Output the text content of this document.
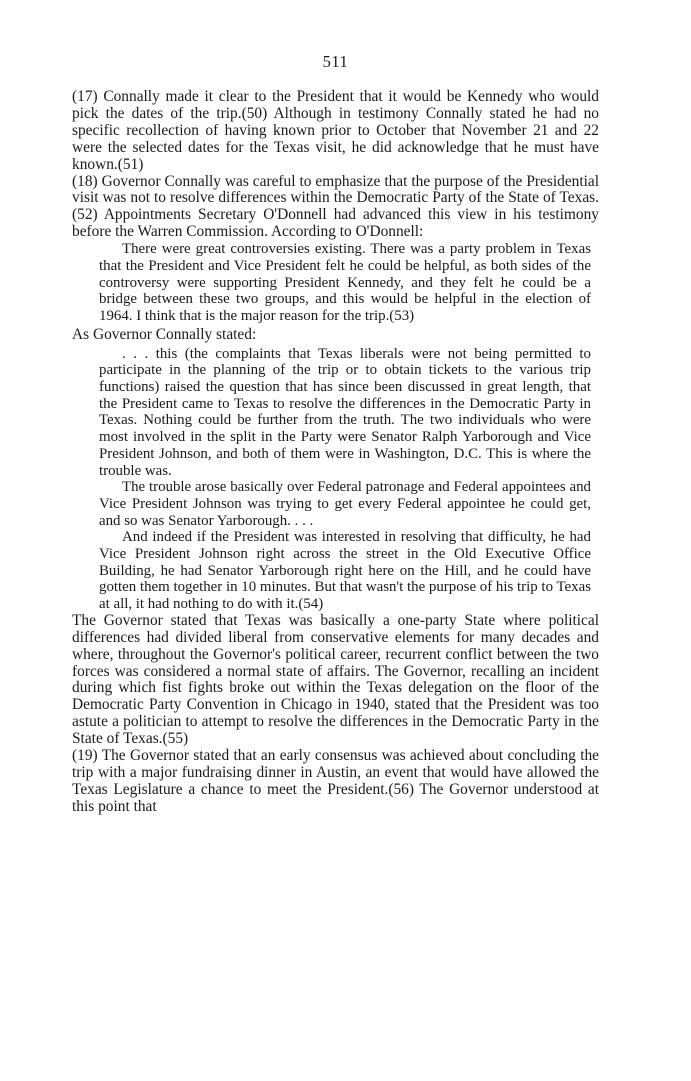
511

(17) Connally made it clear to the President that it would be Kennedy who would pick the dates of the trip.(50) Although in testimony Connally stated he had no specific recollection of having known prior to October that November 21 and 22 were the selected dates for the Texas visit, he did acknowledge that he must have known.(51)

(18) Governor Connally was careful to emphasize that the purpose of the Presidential visit was not to resolve differences within the Democratic Party of the State of Texas.(52) Appointments Secretary O'Donnell had advanced this view in his testimony before the Warren Commission. According to O'Donnell:

There were great controversies existing. There was a party problem in Texas that the President and Vice President felt he could be helpful, as both sides of the controversy were supporting President Kennedy, and they felt he could be a bridge between these two groups, and this would be helpful in the election of 1964. I think that is the major reason for the trip.(53)

As Governor Connally stated:

. . . this (the complaints that Texas liberals were not being permitted to participate in the planning of the trip or to obtain tickets to the various trip functions) raised the question that has since been discussed in great length, that the President came to Texas to resolve the differences in the Democratic Party in Texas. Nothing could be further from the truth. The two individuals who were most involved in the split in the Party were Senator Ralph Yarborough and Vice President Johnson, and both of them were in Washington, D.C. This is where the trouble was.

The trouble arose basically over Federal patronage and Federal appointees and Vice President Johnson was trying to get every Federal appointee he could get, and so was Senator Yarborough. . . .

And indeed if the President was interested in resolving that difficulty, he had Vice President Johnson right across the street in the Old Executive Office Building, he had Senator Yarborough right here on the Hill, and he could have gotten them together in 10 minutes. But that wasn't the purpose of his trip to Texas at all, it had nothing to do with it.(54)

The Governor stated that Texas was basically a one-party State where political differences had divided liberal from conservative elements for many decades and where, throughout the Governor's political career, recurrent conflict between the two forces was considered a normal state of affairs. The Governor, recalling an incident during which fist fights broke out within the Texas delegation on the floor of the Democratic Party Convention in Chicago in 1940, stated that the President was too astute a politician to attempt to resolve the differences in the Democratic Party in the State of Texas.(55)

(19) The Governor stated that an early consensus was achieved about concluding the trip with a major fundraising dinner in Austin, an event that would have allowed the Texas Legislature a chance to meet the President.(56) The Governor understood at this point that
